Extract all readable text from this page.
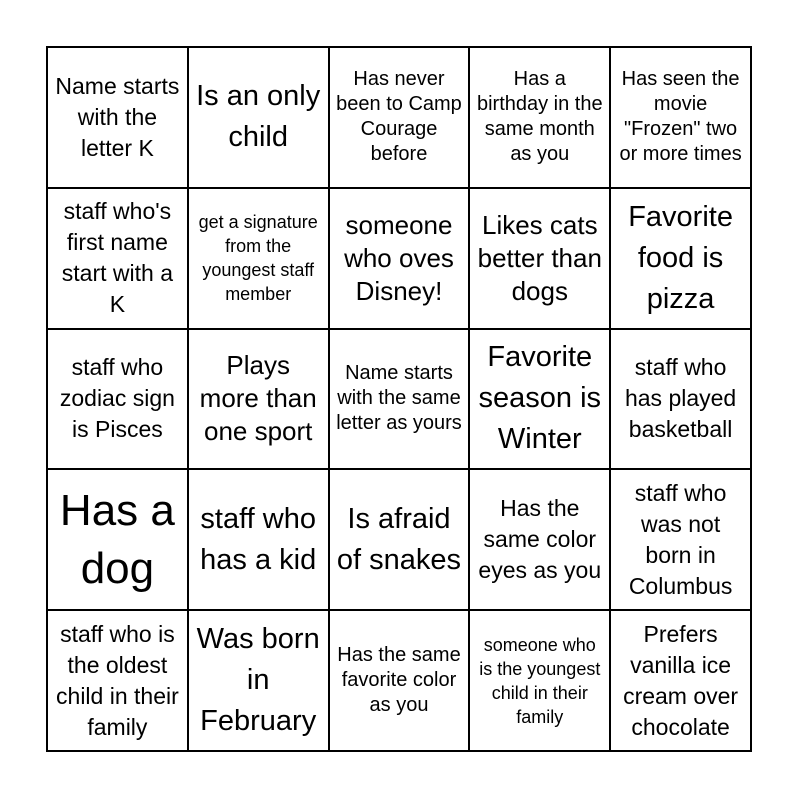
Name starts with the letter K
Is an only child
Has never been to Camp Courage before
Has a birthday in the same month as you
Has seen the movie "Frozen" two or more times
staff who's first name start with a K
get a signature from the youngest staff member
someone who oves Disney!
Likes cats better than dogs
Favorite food is pizza
staff who zodiac sign is Pisces
Plays more than one sport
Name starts with the same letter as yours
Favorite season is Winter
staff who has played basketball
Has a dog
staff who has a kid
Is afraid of snakes
Has the same color eyes as you
staff who was not born in Columbus
staff who is the oldest child in their family
Was born in February
Has the same favorite color as you
someone who is the youngest child in their family
Prefers vanilla ice cream over chocolate
